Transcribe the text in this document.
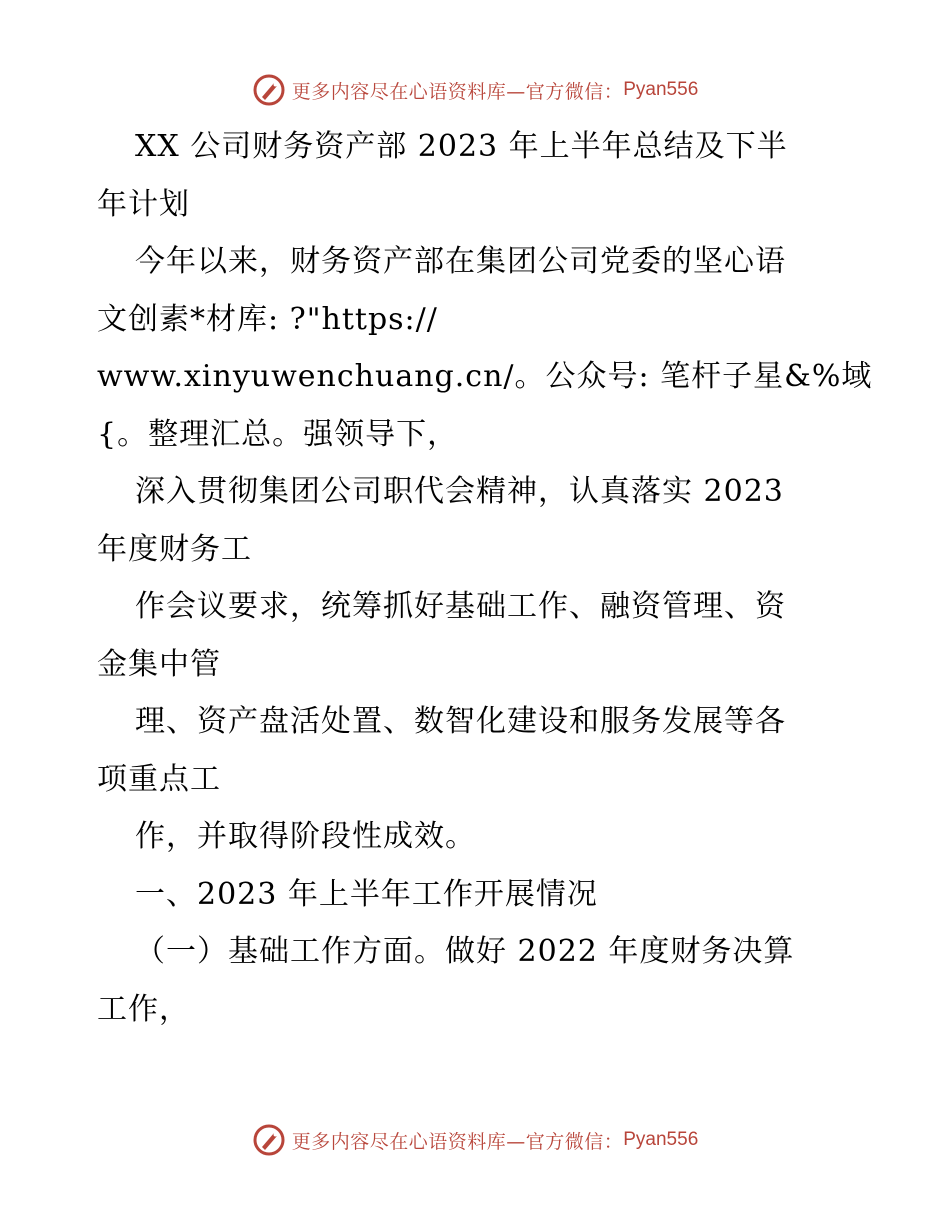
更多内容尽在心语资料库—官方微信： Pyan556
XX 公司财务资产部 2023 年上半年总结及下半
年计划
今年以来，财务资产部在集团公司党委的坚心语
文创素*材库: ?"https://
www.xinyuwenchuang.cn/。公众号: 笔杆子星&%域
{。整理汇总。强领导下，
深入贯彻集团公司职代会精神，认真落实 2023
年度财务工
作会议要求，统筹抓好基础工作、融资管理、资
金集中管
理、资产盘活处置、数智化建设和服务发展等各
项重点工
作，并取得阶段性成效。
一、2023 年上半年工作开展情况
（一）基础工作方面。做好 2022 年度财务决算
工作，
更多内容尽在心语资料库—官方微信： Pyan556
